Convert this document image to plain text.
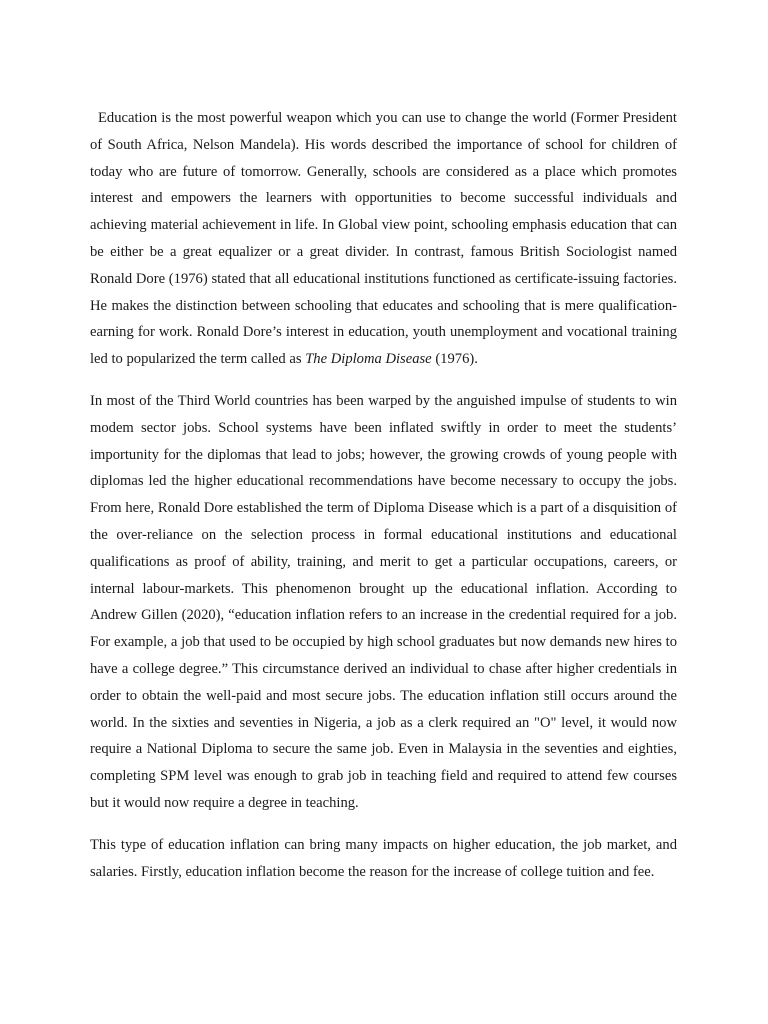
Education is the most powerful weapon which you can use to change the world (Former President of South Africa, Nelson Mandela). His words described the importance of school for children of today who are future of tomorrow. Generally, schools are considered as a place which promotes interest and empowers the learners with opportunities to become successful individuals and achieving material achievement in life. In Global view point, schooling emphasis education that can be either be a great equalizer or a great divider. In contrast, famous British Sociologist named Ronald Dore (1976) stated that all educational institutions functioned as certificate-issuing factories. He makes the distinction between schooling that educates and schooling that is mere qualification-earning for work. Ronald Dore’s interest in education, youth unemployment and vocational training led to popularized the term called as The Diploma Disease (1976).

In most of the Third World countries has been warped by the anguished impulse of students to win modem sector jobs. School systems have been inflated swiftly in order to meet the students’ importunity for the diplomas that lead to jobs; however, the growing crowds of young people with diplomas led the higher educational recommendations have become necessary to occupy the jobs. From here, Ronald Dore established the term of Diploma Disease which is a part of a disquisition of the over-reliance on the selection process in formal educational institutions and educational qualifications as proof of ability, training, and merit to get a particular occupations, careers, or internal labour-markets. This phenomenon brought up the educational inflation. According to Andrew Gillen (2020), “education inflation refers to an increase in the credential required for a job. For example, a job that used to be occupied by high school graduates but now demands new hires to have a college degree.” This circumstance derived an individual to chase after higher credentials in order to obtain the well-paid and most secure jobs. The education inflation still occurs around the world. In the sixties and seventies in Nigeria, a job as a clerk required an "O" level, it would now require a National Diploma to secure the same job. Even in Malaysia in the seventies and eighties, completing SPM level was enough to grab job in teaching field and required to attend few courses but it would now require a degree in teaching.

This type of education inflation can bring many impacts on higher education, the job market, and salaries. Firstly, education inflation become the reason for the increase of college tuition and fee.
